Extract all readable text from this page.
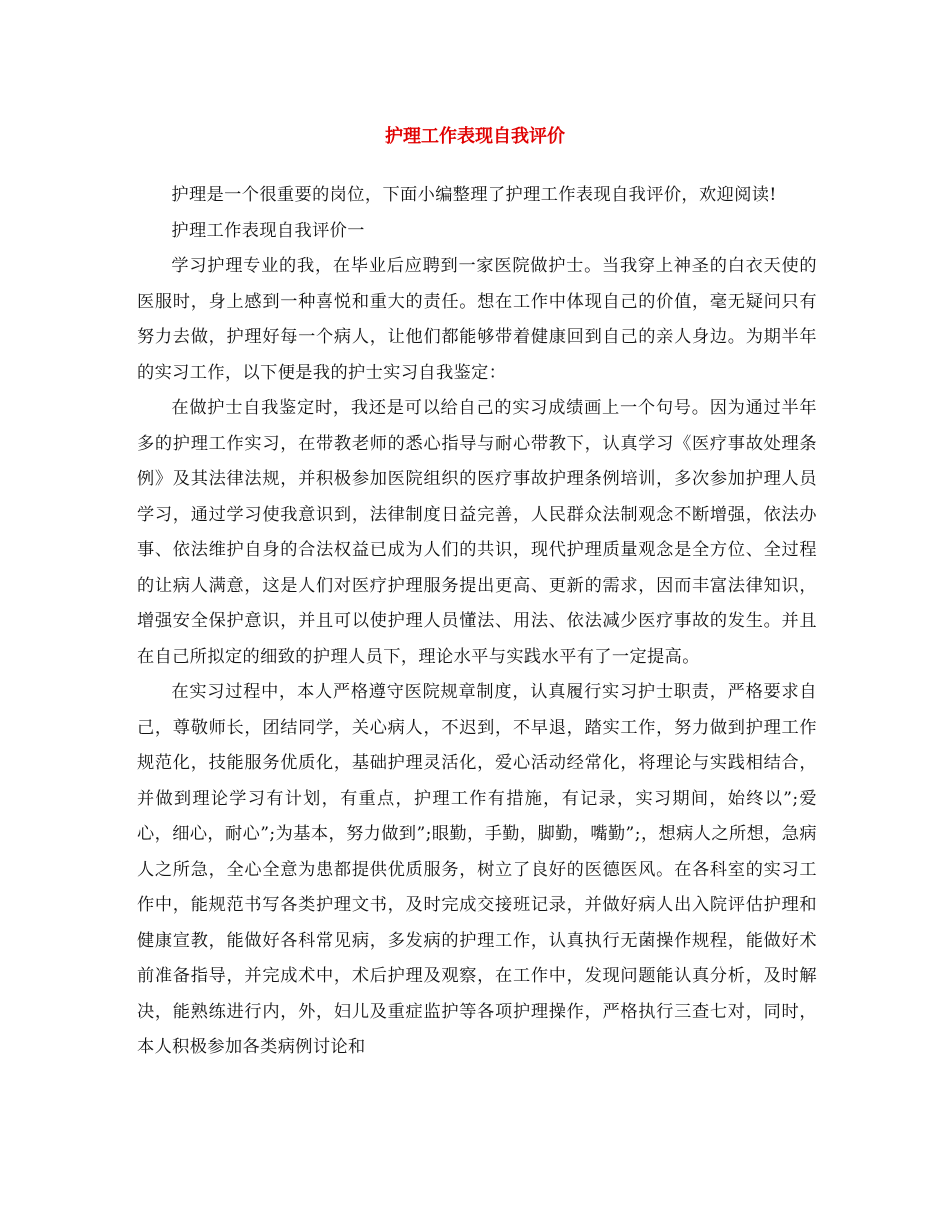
护理工作表现自我评价

护理是一个很重要的岗位，下面小编整理了护理工作表现自我评价，欢迎阅读!

护理工作表现自我评价一

学习护理专业的我，在毕业后应聘到一家医院做护士。当我穿上神圣的白衣天使的医服时，身上感到一种喜悦和重大的责任。想在工作中体现自己的价值，毫无疑问只有努力去做，护理好每一个病人，让他们都能够带着健康回到自己的亲人身边。为期半年的实习工作，以下便是我的护士实习自我鉴定：

在做护士自我鉴定时，我还是可以给自己的实习成绩画上一个句号。因为通过半年多的护理工作实习，在带教老师的悉心指导与耐心带教下，认真学习《医疗事故处理条例》及其法律法规，并积极参加医院组织的医疗事故护理条例培训，多次参加护理人员学习，通过学习使我意识到，法律制度日益完善，人民群众法制观念不断增强，依法办事、依法维护自身的合法权益已成为人们的共识，现代护理质量观念是全方位、全过程的让病人满意，这是人们对医疗护理服务提出更高、更新的需求，因而丰富法律知识，增强安全保护意识，并且可以使护理人员懂法、用法、依法减少医疗事故的发生。并且在自己所拟定的细致的护理人员下，理论水平与实践水平有了一定提高。

在实习过程中，本人严格遵守医院规章制度，认真履行实习护士职责，严格要求自己，尊敬师长，团结同学，关心病人，不迟到，不早退，踏实工作，努力做到护理工作规范化，技能服务优质化，基础护理灵活化，爱心活动经常化，将理论与实践相结合，并做到理论学习有计划，有重点，护理工作有措施，有记录，实习期间，始终以”;爱心，细心，耐心”;为基本，努力做到”;眼勤，手勤，脚勤，嘴勤”;，想病人之所想，急病人之所急，全心全意为患都提供优质服务，树立了良好的医德医风。在各科室的实习工作中，能规范书写各类护理文书，及时完成交接班记录，并做好病人出入院评估护理和健康宣教，能做好各科常见病，多发病的护理工作，认真执行无菌操作规程，能做好术前准备指导，并完成术中，术后护理及观察，在工作中，发现问题能认真分析，及时解决，能熟练进行内，外，妇儿及重症监护等各项护理操作，严格执行三查七对，同时，本人积极参加各类病例讨论和
